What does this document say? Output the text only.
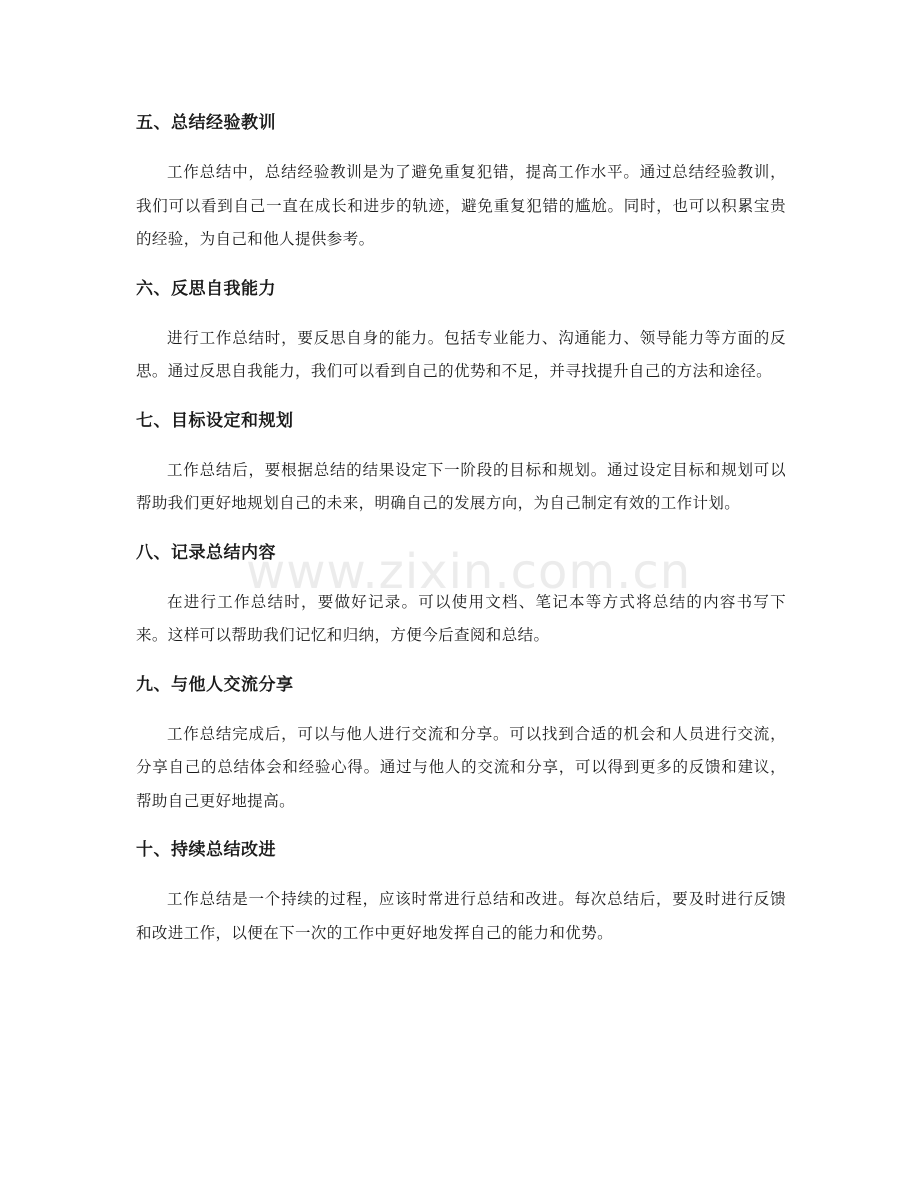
五、总结经验教训

工作总结中，总结经验教训是为了避免重复犯错，提高工作水平。通过总结经验教训，我们可以看到自己一直在成长和进步的轨迹，避免重复犯错的尴尬。同时，也可以积累宝贵的经验，为自己和他人提供参考。

六、反思自我能力

进行工作总结时，要反思自身的能力。包括专业能力、沟通能力、领导能力等方面的反思。通过反思自我能力，我们可以看到自己的优势和不足，并寻找提升自己的方法和途径。

七、目标设定和规划

工作总结后，要根据总结的结果设定下一阶段的目标和规划。通过设定目标和规划可以帮助我们更好地规划自己的未来，明确自己的发展方向，为自己制定有效的工作计划。

八、记录总结内容

在进行工作总结时，要做好记录。可以使用文档、笔记本等方式将总结的内容书写下来。这样可以帮助我们记忆和归纳，方便今后查阅和总结。

九、与他人交流分享

工作总结完成后，可以与他人进行交流和分享。可以找到合适的机会和人员进行交流，分享自己的总结体会和经验心得。通过与他人的交流和分享，可以得到更多的反馈和建议，帮助自己更好地提高。

十、持续总结改进

工作总结是一个持续的过程，应该时常进行总结和改进。每次总结后，要及时进行反馈和改进工作，以便在下一次的工作中更好地发挥自己的能力和优势。

www.zixin.com.cn
